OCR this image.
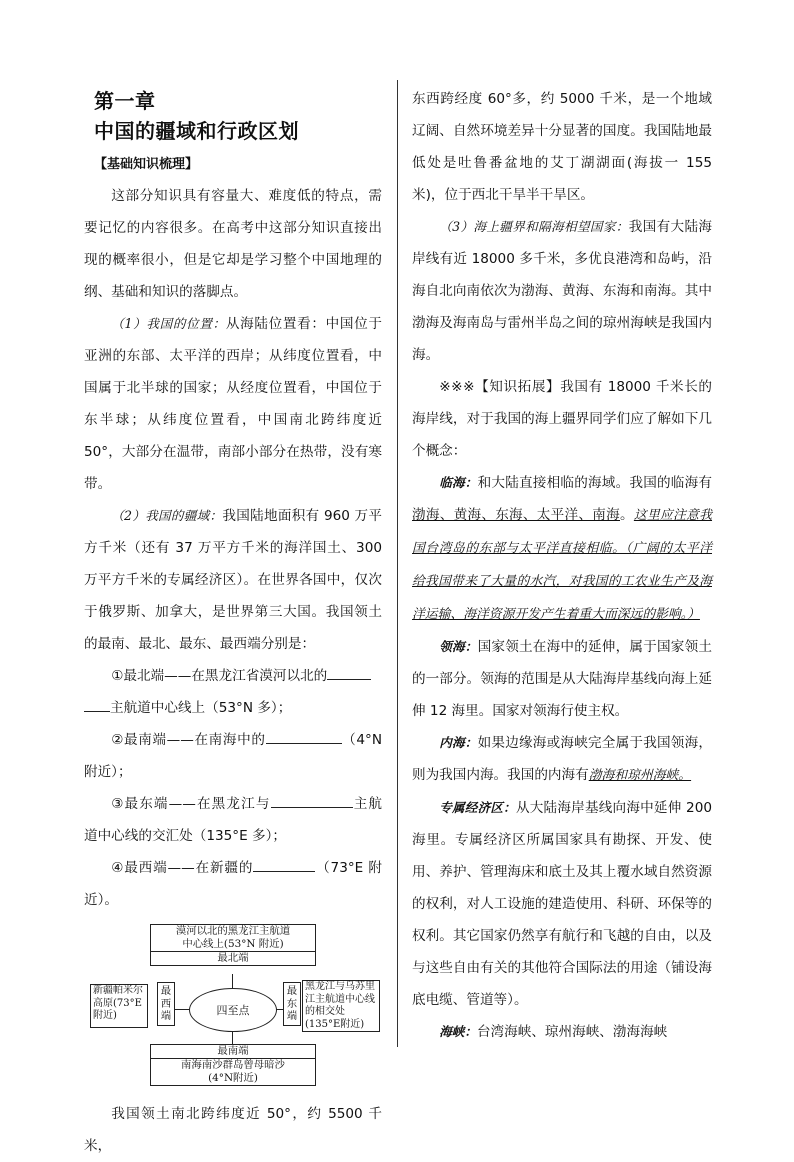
第一章中国的疆域和行政区划
【基础知识梳理】

这部分知识具有容量大、难度低的特点，需要记忆的内容很多。在高考中这部分知识直接出现的概率很小，但是它却是学习整个中国地理的纲、基础和知识的落脚点。

（1）我国的位置：从海陆位置看：中国位于亚洲的东部、太平洋的西岸；从纬度位置看，中国属于北半球的国家；从经度位置看，中国位于东半球；从纬度位置看，中国南北跨纬度近 50°，大部分在温带，南部小部分在热带，没有寒带。

（2）我国的疆域：我国陆地面积有 960 万平方千米（还有 37 万平方千米的海洋国土、300 万平方千米的专属经济区）。在世界各国中，仅次于俄罗斯、加拿大，是世界第三大国。我国领土的最南、最北、最东、最西端分别是：

①最北端——在黑龙江省漠河以北的
主航道中心线上（53°N 多）；

②最南端——在南海中的	（4°N 附近）；

③最东端——在黑龙江与	主航道中心线的交汇处（135°E 多）；

④最西端——在新疆的	（73°E 附近）。

漠河以北的黑龙江主航道
中心线上(53°N 附近)
最北端
新疆帕米尔高原(73°E附近)
最西端	四至点
最东端
黑龙江与乌苏里江主航道中心线的相交处(135°E附近)
最南端
南海南沙群岛曾母暗沙
(4°N附近)

我国领土南北跨纬度近 50°，约 5500 千米，

东西跨经度 60°多，约 5000 千米，是一个地域辽阔、自然环境差异十分显著的国度。我国陆地最低处是吐鲁番盆地的艾丁湖湖面(海拔一 155 米)，位于西北干旱半干旱区。

（3）海上疆界和隔海相望国家：我国有大陆海岸线有近 18000 多千米，多优良港湾和岛屿，沿海自北向南依次为渤海、黄海、东海和南海。其中渤海及海南岛与雷州半岛之间的琼州海峡是我国内海。

※※※【知识拓展】我国有 18000 千米长的海岸线，对于我国的海上疆界同学们应了解如下几个概念：

临海：和大陆直接相临的海域。我国的临海有渤海、黄海、东海、太平洋、南海。这里应注意我国台湾岛的东部与太平洋直接相临。（广阔的太平洋给我国带来了大量的水汽，对我国的工农业生产及海洋运输、海洋资源开发产生着重大而深远的影响。）

领海：国家领土在海中的延伸，属于国家领土的一部分。领海的范围是从大陆海岸基线向海上延伸 12 海里。国家对领海行使主权。

内海：如果边缘海或海峡完全属于我国领海，则为我国内海。我国的内海有渤海和琼州海峡。

专属经济区：从大陆海岸基线向海中延伸 200 海里。专属经济区所属国家具有勘探、开发、使用、养护、管理海床和底土及其上覆水域自然资源的权利，对人工设施的建造使用、科研、环保等的权利。其它国家仍然享有航行和飞越的自由，以及与这些自由有关的其他符合国际法的用途（铺设海底电缆、管道等）。

海峡：台湾海峡、琼州海峡、渤海海峡
